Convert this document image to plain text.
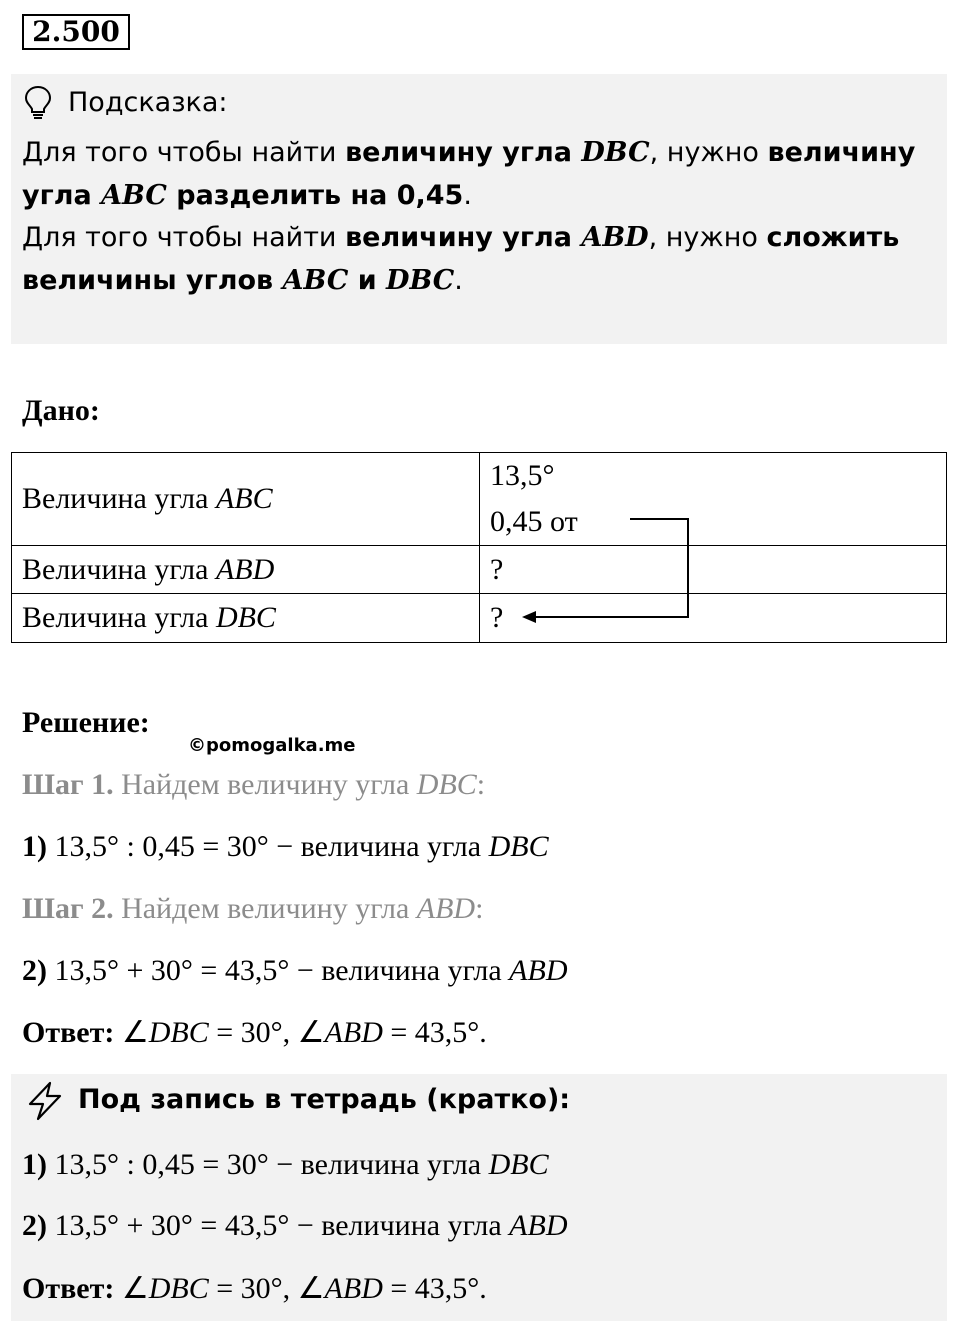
2.500
Подсказка:
Для того чтобы найти величину угла DBC, нужно величину
угла ABC разделить на 0,45.
Для того чтобы найти величину угла ABD, нужно сложить
величины углов ABC и DBC.
Дано:
Величина угла ABC	13,5°
0,45 от

Величина угла ABD	?
Величина угла DBC	?
Решение:
©pomogalka.me
Шаг 1. Найдем величину угла DBC:
1) 13,5° : 0,45 = 30° − величина угла DBC
Шаг 2. Найдем величину угла ABD:
2) 13,5° + 30° = 43,5° − величина угла ABD
Ответ: ∠DBC = 30°, ∠ABD = 43,5°.
Под запись в тетрадь (кратко):
1) 13,5° : 0,45 = 30° − величина угла DBC
2) 13,5° + 30° = 43,5° − величина угла ABD
Ответ: ∠DBC = 30°, ∠ABD = 43,5°.
